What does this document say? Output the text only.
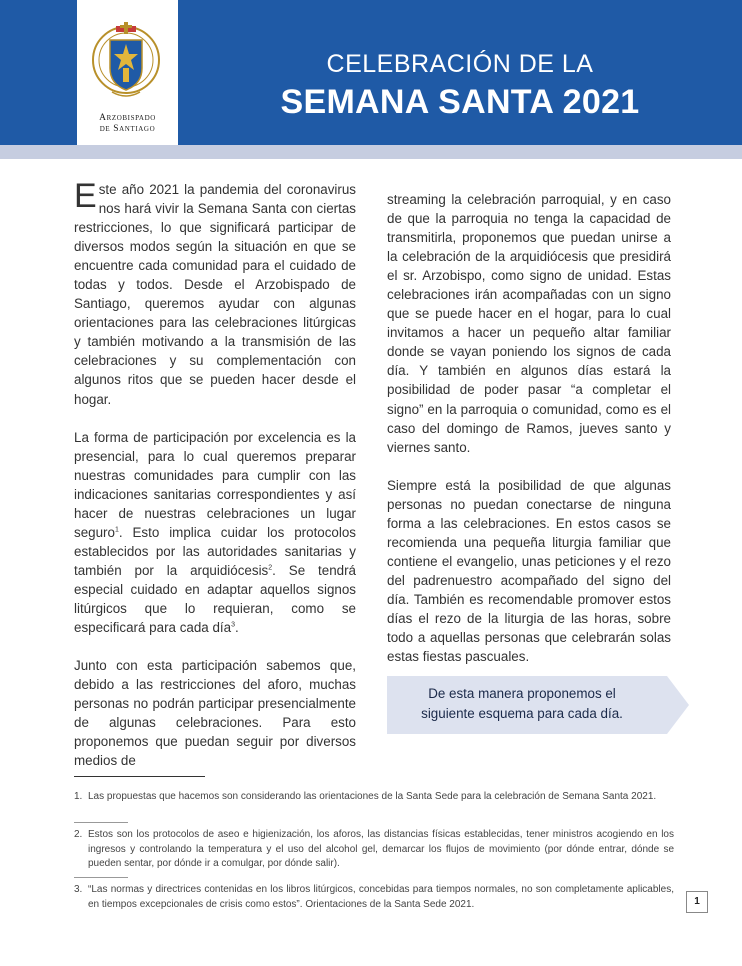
Arzobispado
de Santiago
CELEBRACIÓN DE LA
SEMANA SANTA 2021

Este año 2021 la pandemia del coronavirus nos hará vivir la Semana Santa con ciertas restricciones, lo que significará participar de diversos modos según la situación en que se encuentre cada comunidad para el cuidado de todas y todos. Desde el Arzobispado de Santiago, queremos ayudar con algunas orientaciones para las celebraciones litúrgicas y también motivando a la transmisión de las celebraciones y su complementación con algunos ritos que se pueden hacer desde el hogar.

La forma de participación por excelencia es la presencial, para lo cual queremos preparar nuestras comunidades para cumplir con las indicaciones sanitarias correspondientes y así hacer de nuestras celebraciones un lugar seguro$^1$. Esto implica cuidar los protocolos establecidos por las autoridades sanitarias y también por la arquidiócesis$^2$. Se tendrá especial cuidado en adaptar aquellos signos litúrgicos que lo requieran, como se especificará para cada día$^3$.

Junto con esta participación sabemos que, debido a las restricciones del aforo, muchas personas no podrán participar presencialmente de algunas celebraciones. Para esto proponemos que puedan seguir por diversos medios de

streaming la celebración parroquial, y en caso de que la parroquia no tenga la capacidad de transmitirla, proponemos que puedan unirse a la celebración de la arquidiócesis que presidirá el sr. Arzobispo, como signo de unidad. Estas celebraciones irán acompañadas con un signo que se puede hacer en el hogar, para lo cual invitamos a hacer un pequeño altar familiar donde se vayan poniendo los signos de cada día. Y también en algunos días estará la posibilidad de poder pasar “a completar el signo” en la parroquia o comunidad, como es el caso del domingo de Ramos, jueves santo y viernes santo.

Siempre está la posibilidad de que algunas personas no puedan conectarse de ninguna forma a las celebraciones. En estos casos se recomienda una pequeña liturgia familiar que contiene el evangelio, unas peticiones y el rezo del padrenuestro acompañado del signo del día. También es recomendable promover estos días el rezo de la liturgia de las horas, sobre todo a aquellas personas que celebrarán solas estas fiestas pascuales.

De esta manera proponemos el
siguiente esquema para cada día.
1. Las propuestas que hacemos son considerando las orientaciones de la Santa Sede para la celebración de Semana Santa 2021.
2. Estos son los protocolos de aseo e higienización, los aforos, las distancias físicas establecidas, tener ministros acogiendo en los ingresos y controlando la temperatura y el uso del alcohol gel, demarcar los flujos de movimiento (por dónde entrar, dónde se pueden sentar, por dónde ir a comulgar, por dónde salir).
3. “Las normas y directrices contenidas en los libros litúrgicos, concebidas para tiempos normales, no son completamente aplicables, en tiempos excepcionales de crisis como estos”. Orientaciones de la Santa Sede 2021.	1
